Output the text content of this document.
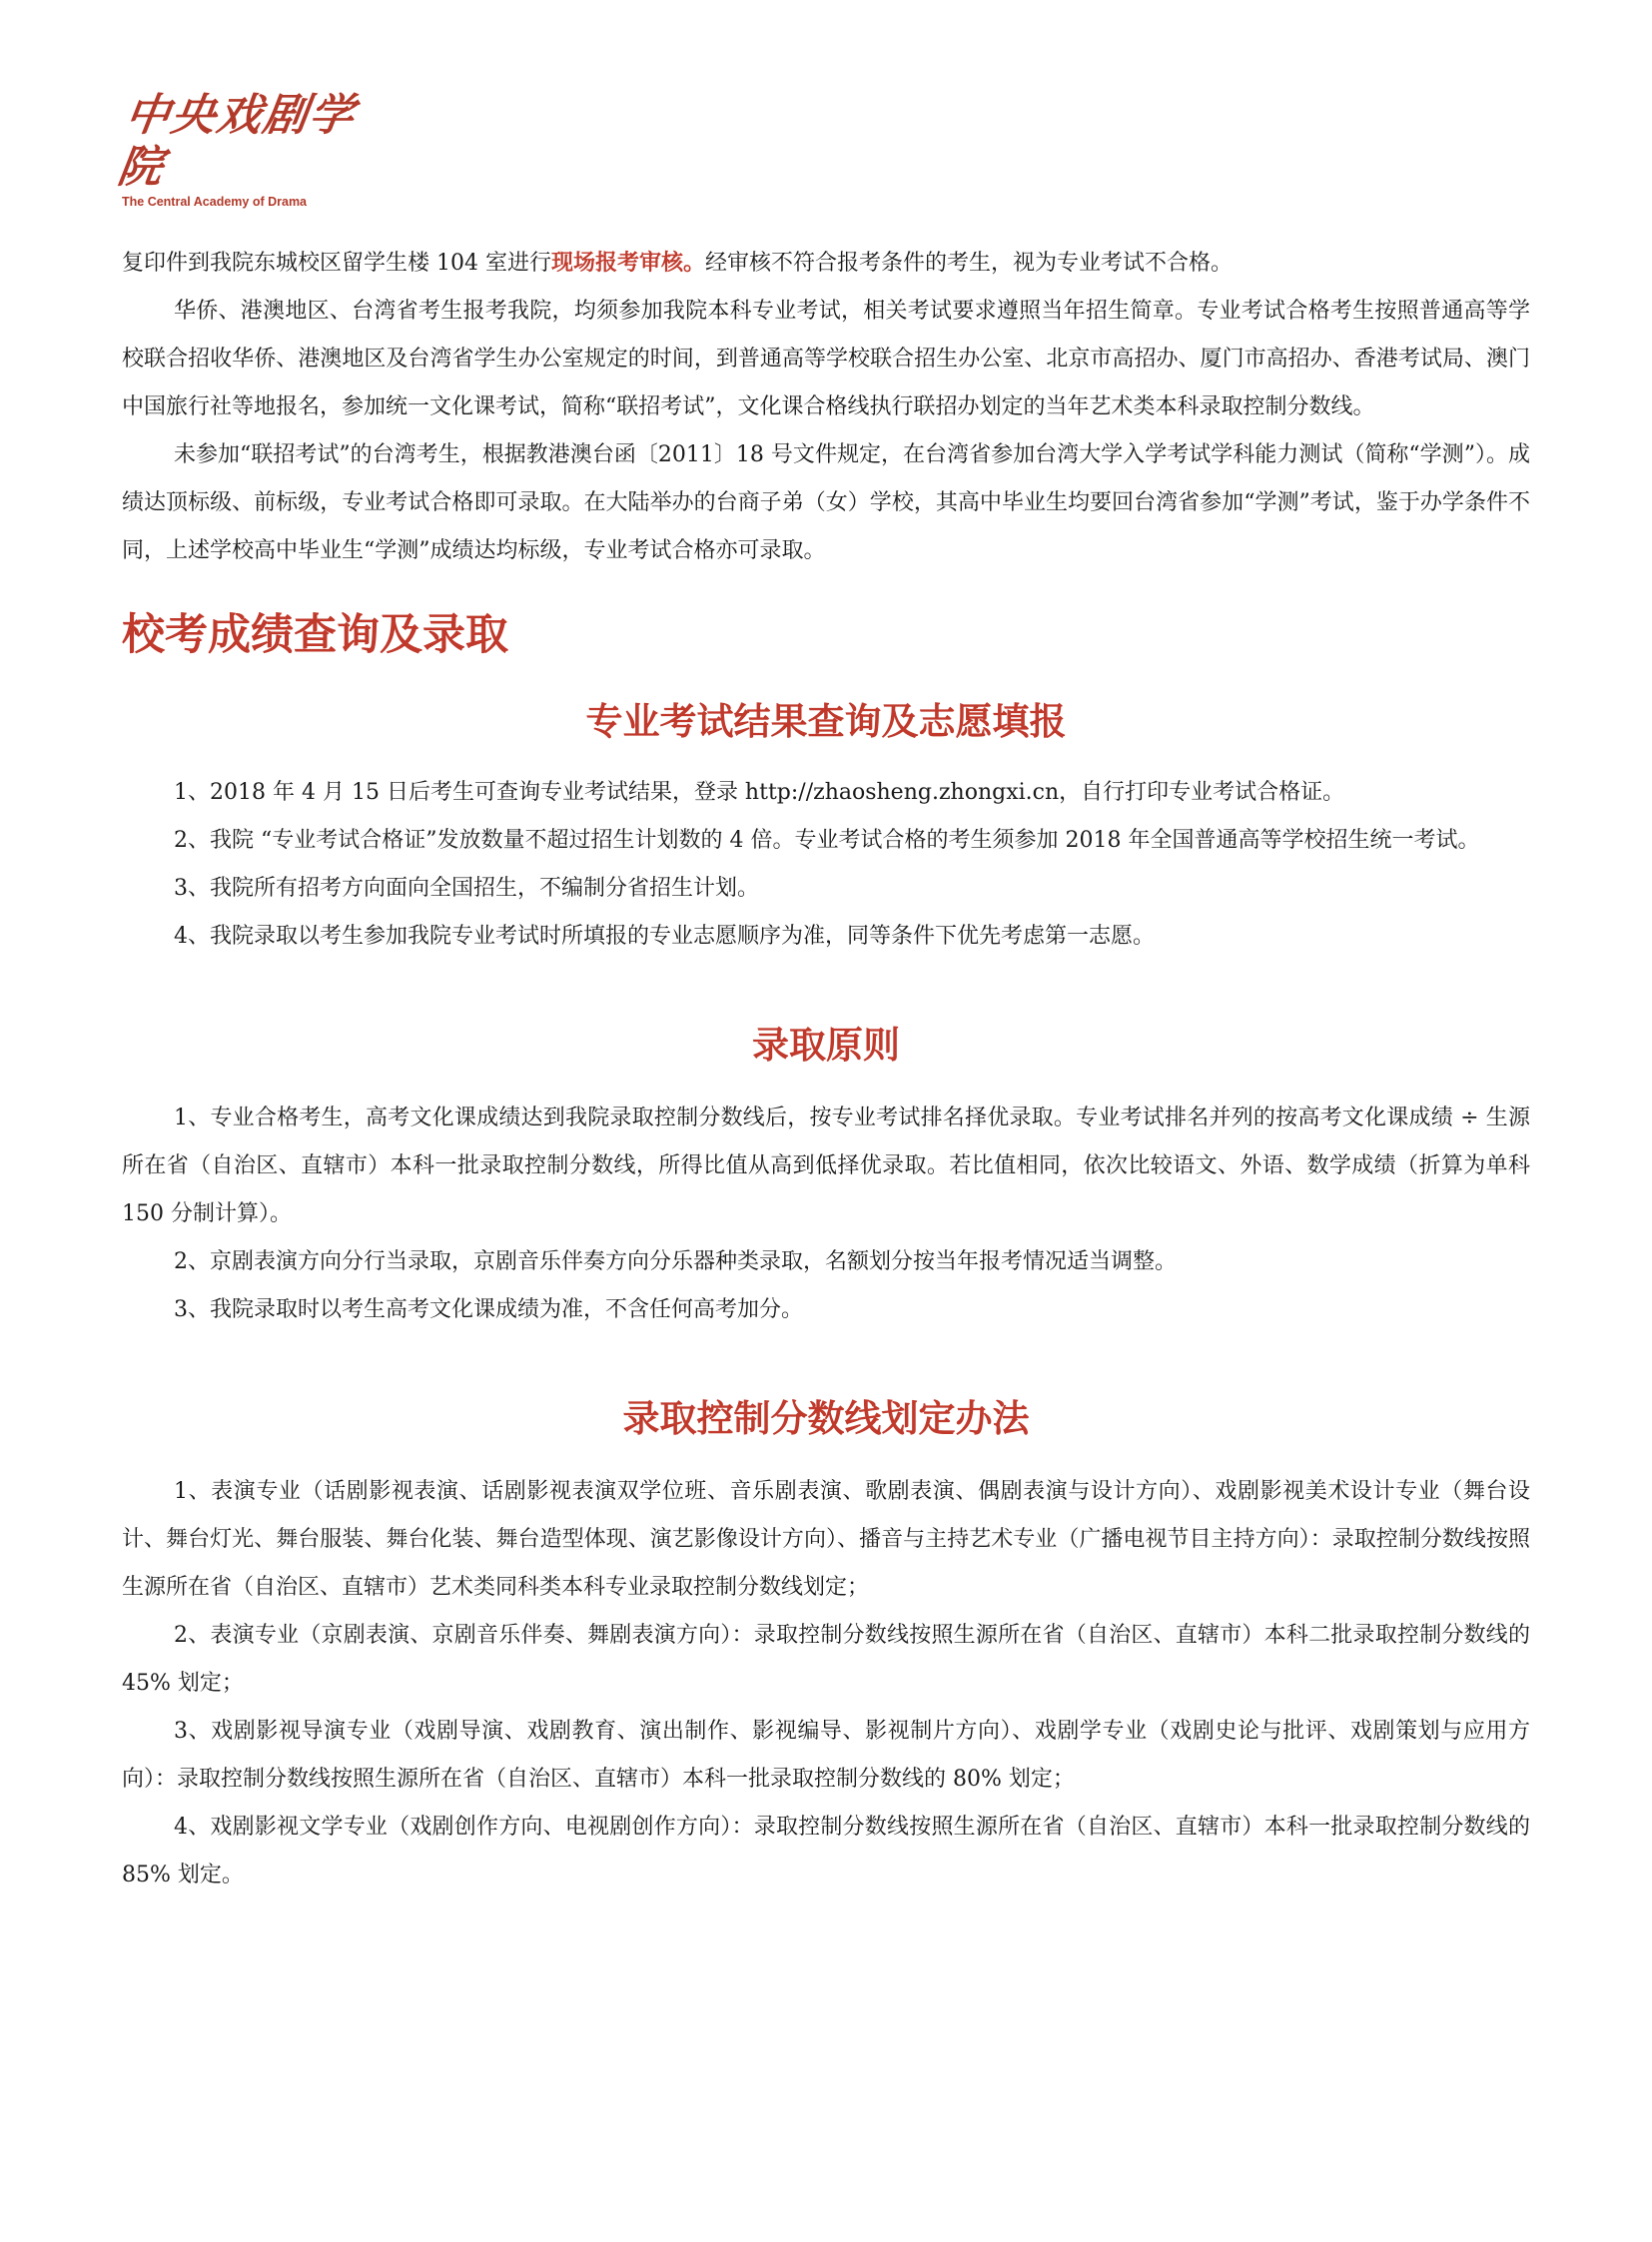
中央戏剧学院
The Central Academy of Drama

复印件到我院东城校区留学生楼 104 室进行现场报考审核。经审核不符合报考条件的考生，视为专业考试不合格。

华侨、港澳地区、台湾省考生报考我院，均须参加我院本科专业考试，相关考试要求遵照当年招生简章。专业考试合格考生按照普通高等学校联合招收华侨、港澳地区及台湾省学生办公室规定的时间，到普通高等学校联合招生办公室、北京市高招办、厦门市高招办、香港考试局、澳门中国旅行社等地报名，参加统一文化课考试，简称“联招考试”，文化课合格线执行联招办划定的当年艺术类本科录取控制分数线。

未参加“联招考试”的台湾考生，根据教港澳台函〔2011〕18 号文件规定，在台湾省参加台湾大学入学考试学科能力测试（简称“学测”）。成绩达顶标级、前标级，专业考试合格即可录取。在大陆举办的台商子弟（女）学校，其高中毕业生均要回台湾省参加“学测”考试，鉴于办学条件不同，上述学校高中毕业生“学测”成绩达均标级，专业考试合格亦可录取。

校考成绩查询及录取
专业考试结果查询及志愿填报

1、2018 年 4 月 15 日后考生可查询专业考试结果，登录 http://zhaosheng.zhongxi.cn，自行打印专业考试合格证。

2、我院 “专业考试合格证”发放数量不超过招生计划数的 4 倍。专业考试合格的考生须参加 2018 年全国普通高等学校招生统一考试。

3、我院所有招考方向面向全国招生，不编制分省招生计划。

4、我院录取以考生参加我院专业考试时所填报的专业志愿顺序为准，同等条件下优先考虑第一志愿。

录取原则

1、专业合格考生，高考文化课成绩达到我院录取控制分数线后，按专业考试排名择优录取。专业考试排名并列的按高考文化课成绩 ÷ 生源所在省（自治区、直辖市）本科一批录取控制分数线，所得比值从高到低择优录取。若比值相同，依次比较语文、外语、数学成绩（折算为单科 150 分制计算）。

2、京剧表演方向分行当录取，京剧音乐伴奏方向分乐器种类录取，名额划分按当年报考情况适当调整。

3、我院录取时以考生高考文化课成绩为准，不含任何高考加分。

录取控制分数线划定办法

1、表演专业（话剧影视表演、话剧影视表演双学位班、音乐剧表演、歌剧表演、偶剧表演与设计方向）、戏剧影视美术设计专业（舞台设计、舞台灯光、舞台服装、舞台化装、舞台造型体现、演艺影像设计方向）、播音与主持艺术专业（广播电视节目主持方向）：录取控制分数线按照生源所在省（自治区、直辖市）艺术类同科类本科专业录取控制分数线划定；

2、表演专业（京剧表演、京剧音乐伴奏、舞剧表演方向）：录取控制分数线按照生源所在省（自治区、直辖市）本科二批录取控制分数线的 45% 划定；

3、戏剧影视导演专业（戏剧导演、戏剧教育、演出制作、影视编导、影视制片方向）、戏剧学专业（戏剧史论与批评、戏剧策划与应用方向）：录取控制分数线按照生源所在省（自治区、直辖市）本科一批录取控制分数线的 80% 划定；

4、戏剧影视文学专业（戏剧创作方向、电视剧创作方向）：录取控制分数线按照生源所在省（自治区、直辖市）本科一批录取控制分数线的 85% 划定。
